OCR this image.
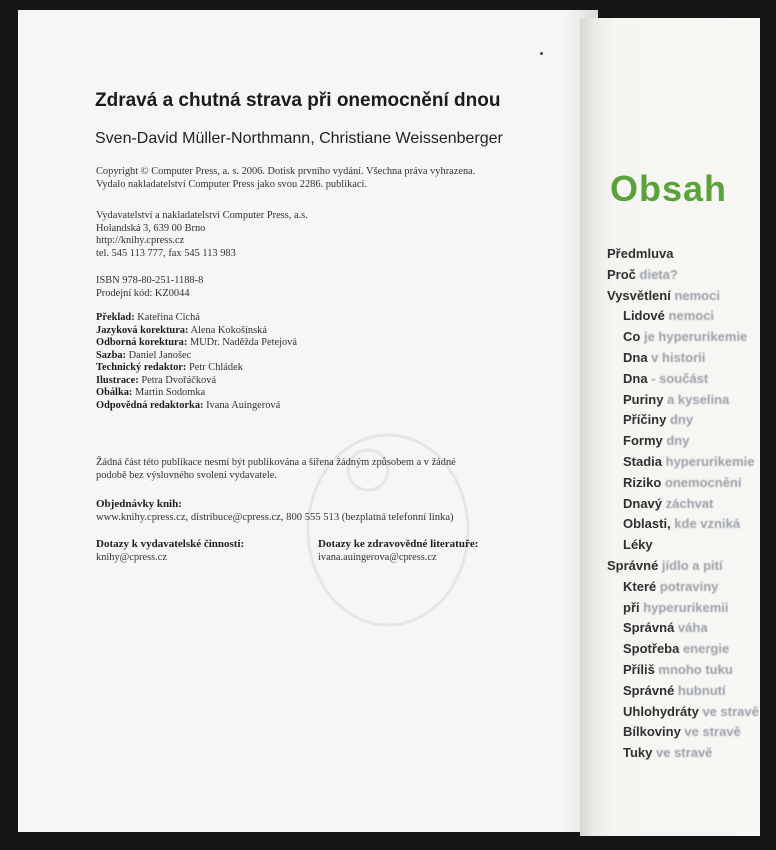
Zdravá a chutná strava při onemocnění dnou
Sven-David Müller-Northmann, Christiane Weissenberger
Copyright © Computer Press, a. s. 2006. Dotisk prvního vydání. Všechna práva vyhrazena.
Vydalo nakladatelství Computer Press jako svou 2286. publikaci.
Vydavatelství a nakladatelství Computer Press, a.s.
Holandská 3, 639 00 Brno
http://knihy.cpress.cz
tel. 545 113 777, fax 545 113 983
ISBN 978-80-251-1188-8
Prodejní kód: KZ0044
Překlad: Kateřina Cichá
Jazyková korektura: Alena Kokošínská
Odborná korektura: MUDr. Naděžda Petejová
Sazba: Daniel Janošec
Technický redaktor: Petr Chládek
Ilustrace: Petra Dvořáčková
Obálka: Martin Sodomka
Odpovědná redaktorka: Ivana Auingerová
Žádná část této publikace nesmí být publikována a šířena žádným způsobem a v žádné
podobě bez výslovného svolení vydavatele.
Objednávky knih:
www.knihy.cpress.cz, distribuce@cpress.cz, 800 555 513 (bezplatná telefonní linka)
Dotazy k vydavatelské činnosti:
knihy@cpress.cz
Dotazy ke zdravovědné literatuře:
ivana.auingerova@cpress.cz
Obsah
Předmluva
Proč dieta?
Vysvětlení nemoci
Lidové nemoci
Co je hyperurikemie
Dna v historii
Dna - součást
Puriny a kyselina
Příčiny dny
Formy dny
Stadia hyperurikemie
Riziko onemocnění
Dnavý záchvat
Oblasti, kde vzniká
Léky
Správné jídlo a pití
Které potraviny
při hyperurikemii
Správná váha
Spotřeba energie
Příliš mnoho tuku
Správné hubnutí
Uhlohydráty ve stravě
Bílkoviny ve stravě
Tuky ve stravě
